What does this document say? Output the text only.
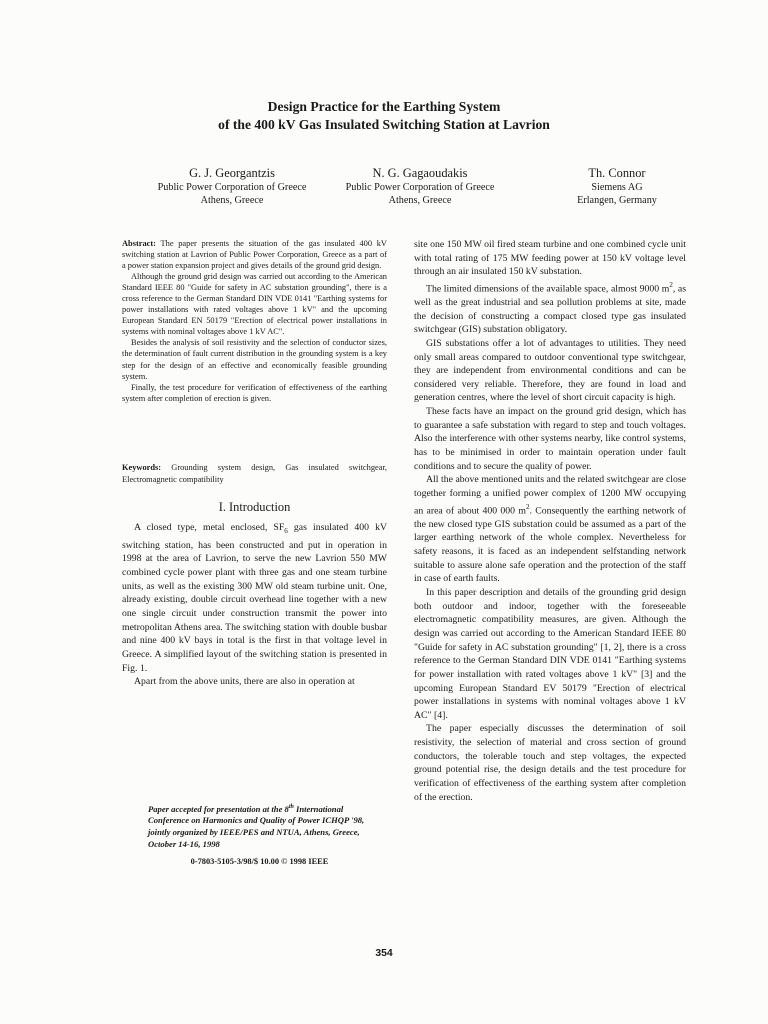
Design Practice for the Earthing System
of the 400 kV Gas Insulated Switching Station at Lavrion
G. J. Georgantzis
Public Power Corporation of Greece
Athens, Greece
N. G. Gagaoudakis
Public Power Corporation of Greece
Athens, Greece
Th. Connor
Siemens AG
Erlangen, Germany

Abstract: The paper presents the situation of the gas insulated 400 kV switching station at Lavrion of Public Power Corporation, Greece as a part of a power station expansion project and gives details of the ground grid design.

Although the ground grid design was carried out according to the American Standard IEEE 80 "Guide for safety in AC substation grounding", there is a cross reference to the German Standard DIN VDE 0141 "Earthing systems for power installations with rated voltages above 1 kV" and the upcoming European Standard EN 50179 "Erection of electrical power installations in systems with nominal voltages above 1 kV AC".

Besides the analysis of soil resistivity and the selection of conductor sizes, the determination of fault current distribution in the grounding system is a key step for the design of an effective and economically feasible grounding system.

Finally, the test procedure for verification of effectiveness of the earthing system after completion of erection is given.

Keywords: Grounding system design, Gas insulated switchgear, Electromagnetic compatibility

I. Introduction

A closed type, metal enclosed, $SF_6$ gas insulated 400 kV switching station, has been constructed and put in operation in 1998 at the area of Lavrion, to serve the new Lavrion 550 MW combined cycle power plant with three gas and one steam turbine units, as well as the existing 300 MW old steam turbine unit. One, already existing, double circuit overhead line together with a new one single circuit under construction transmit the power into metropolitan Athens area. The switching station with double busbar and nine 400 kV bays in total is the first in that voltage level in Greece. A simplified layout of the switching station is presented in Fig. 1.

Apart from the above units, there are also in operation at

site one 150 MW oil fired steam turbine and one combined cycle unit with total rating of 175 MW feeding power at 150 kV voltage level through an air insulated 150 kV substation.

The limited dimensions of the available space, almost 9000 $m^2$, as well as the great industrial and sea pollution problems at site, made the decision of constructing a compact closed type gas insulated switchgear (GIS) substation obligatory.

GIS substations offer a lot of advantages to utilities. They need only small areas compared to outdoor conventional type switchgear, they are independent from environmental conditions and can be considered very reliable. Therefore, they are found in load and generation centres, where the level of short circuit capacity is high.

These facts have an impact on the ground grid design, which has to guarantee a safe substation with regard to step and touch voltages. Also the interference with other systems nearby, like control systems, has to be minimised in order to maintain operation under fault conditions and to secure the quality of power.

All the above mentioned units and the related switchgear are close together forming a unified power complex of 1200 MW occupying an area of about 400 000 $m^2$. Consequently the earthing network of the new closed type GIS substation could be assumed as a part of the larger earthing network of the whole complex. Nevertheless for safety reasons, it is faced as an independent selfstanding network suitable to assure alone safe operation and the protection of the staff in case of earth faults.

In this paper description and details of the grounding grid design both outdoor and indoor, together with the foreseeable electromagnetic compatibility measures, are given. Although the design was carried out according to the American Standard IEEE 80 "Guide for safety in AC substation grounding" [1, 2], there is a cross reference to the German Standard DIN VDE 0141 "Earthing systems for power installation with rated voltages above 1 kV" [3] and the upcoming European Standard EV 50179 "Erection of electrical power installations in systems with nominal voltages above 1 kV AC" [4].

The paper especially discusses the determination of soil resistivity, the selection of material and cross section of ground conductors, the tolerable touch and step voltages, the expected ground potential rise, the design details and the test procedure for verification of effectiveness of the earthing system after completion of the erection.

Paper accepted for presentation at the 8th International Conference on Harmonics and Quality of Power ICHQP '98, jointly organized by IEEE/PES and NTUA, Athens, Greece, October 14-16, 1998
0-7803-5105-3/98/$ 10.00 © 1998 IEEE
354
